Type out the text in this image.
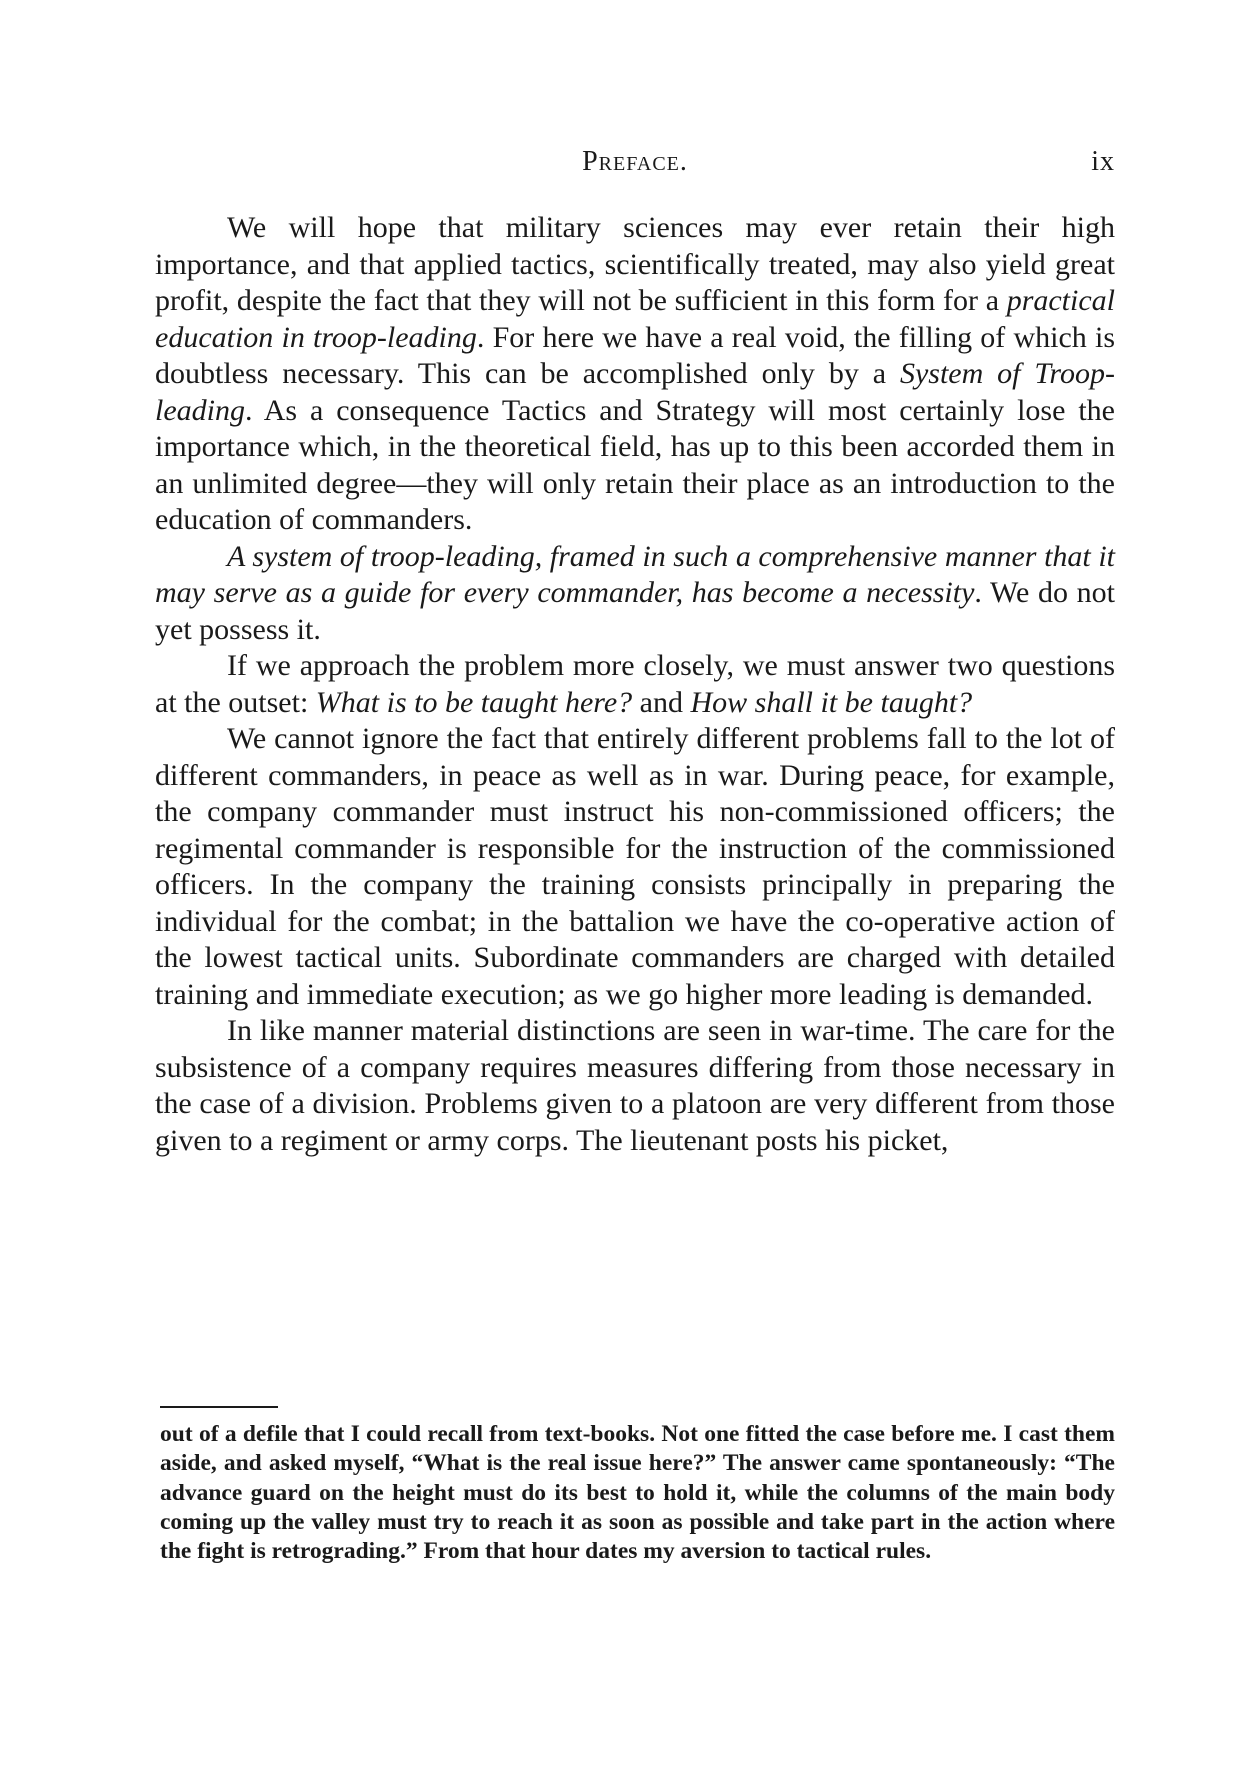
Preface.	ix

We will hope that military sciences may ever retain their high importance, and that applied tactics, scientifically treated, may also yield great profit, despite the fact that they will not be sufficient in this form for a practical education in troop-leading. For here we have a real void, the filling of which is doubtless necessary. This can be accomplished only by a System of Troop-leading. As a consequence Tactics and Strategy will most certainly lose the importance which, in the theoretical field, has up to this been accorded them in an unlimited degree—they will only retain their place as an introduction to the education of commanders.

A system of troop-leading, framed in such a comprehensive manner that it may serve as a guide for every commander, has become a necessity. We do not yet possess it.

If we approach the problem more closely, we must answer two questions at the outset: What is to be taught here? and How shall it be taught?

We cannot ignore the fact that entirely different problems fall to the lot of different commanders, in peace as well as in war. During peace, for example, the company commander must instruct his non-commissioned officers; the regimental commander is responsible for the instruction of the commissioned officers. In the company the training consists principally in preparing the individual for the combat; in the battalion we have the co-operative action of the lowest tactical units. Subordinate commanders are charged with detailed training and immediate execution; as we go higher more leading is demanded.

In like manner material distinctions are seen in war-time. The care for the subsistence of a company requires measures differing from those necessary in the case of a division. Problems given to a platoon are very different from those given to a regiment or army corps. The lieutenant posts his picket,

out of a defile that I could recall from text-books. Not one fitted the case before me. I cast them aside, and asked myself, “What is the real issue here?” The answer came spontaneously: “The advance guard on the height must do its best to hold it, while the columns of the main body coming up the valley must try to reach it as soon as possible and take part in the action where the fight is retrograding.” From that hour dates my aversion to tactical rules.
